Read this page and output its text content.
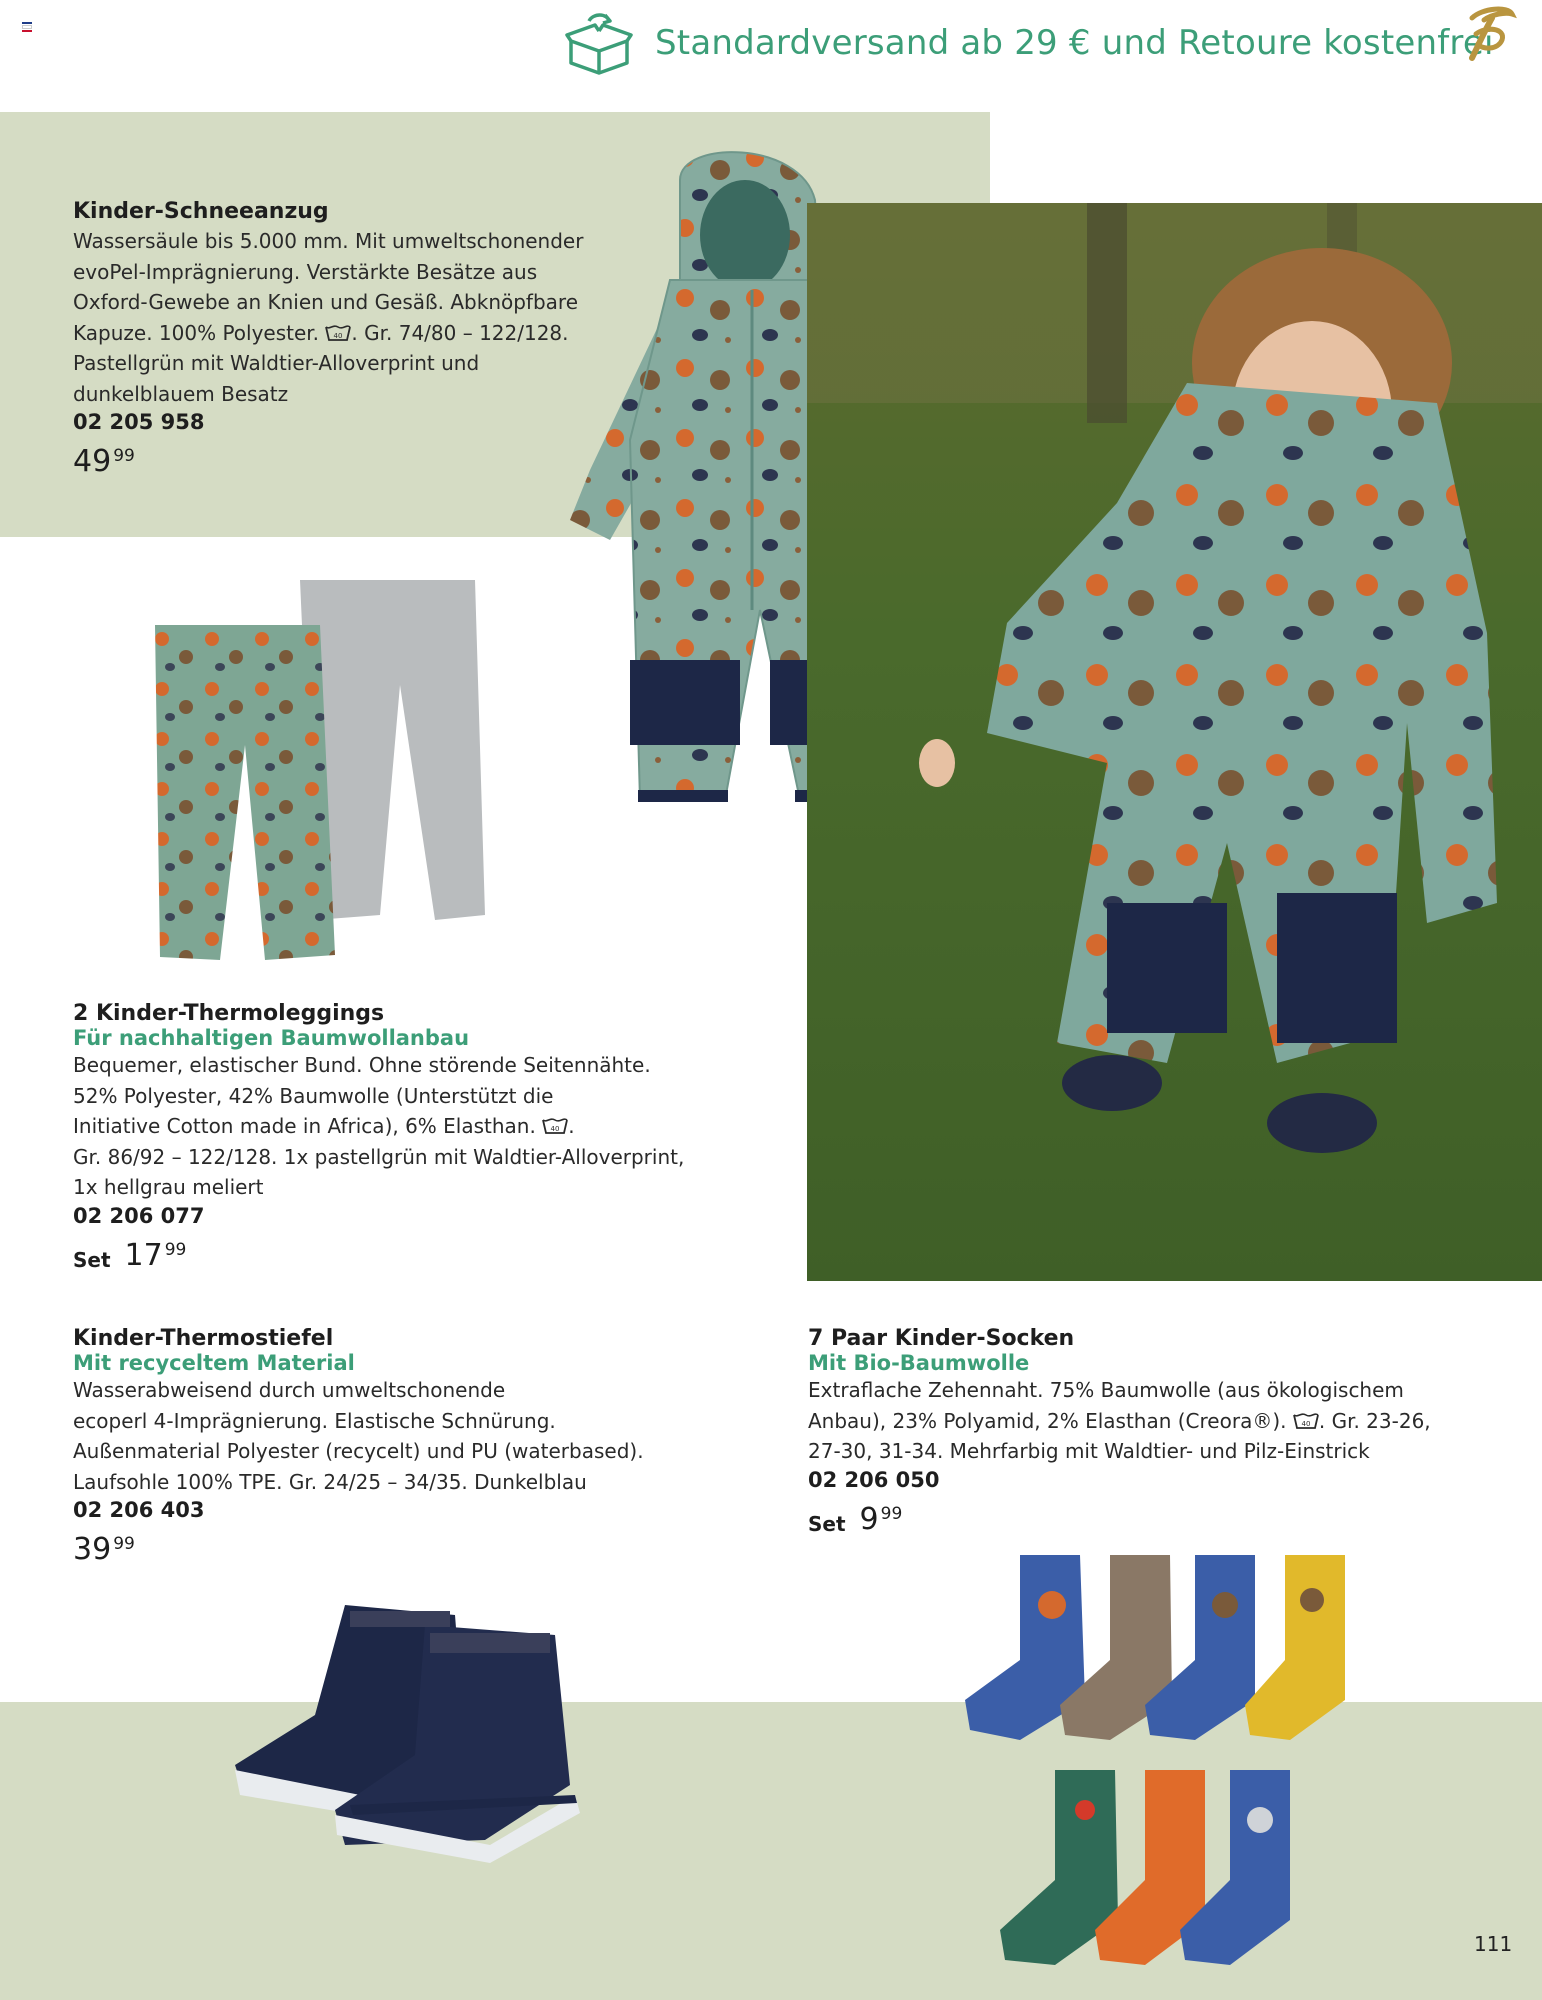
Standardversand ab 29 € und Retoure kostenfrei
Kinder-Schneeanzug
Wassersäule bis 5.000 mm. Mit umweltschonender
evoPel-Imprägnierung. Verstärkte Besätze aus
Oxford-Gewebe an Knien und Gesäß. Abknöpfbare
Kapuze. 100% Polyester. 40 . Gr. 74/80 – 122/128.
Pastellgrün mit Waldtier-Alloverprint und
dunkelblauem Besatz
02 205 958
49 99
2 Kinder-Thermoleggings
Für nachhaltigen Baumwollanbau
Bequemer, elastischer Bund. Ohne störende Seitennähte.
52% Polyester, 42% Baumwolle (Unterstützt die
Initiative Cotton made in Africa), 6% Elasthan. 40 .
Gr. 86/92 – 122/128. 1x pastellgrün mit Waldtier-Alloverprint,
1x hellgrau meliert
02 206 077
Set 17 99
Kinder-Thermostiefel
Mit recyceltem Material
Wasserabweisend durch umweltschonende
ecoperl 4-Imprägnierung. Elastische Schnürung.
Außenmaterial Polyester (recycelt) und PU (waterbased).
Laufsohle 100% TPE. Gr. 24/25 – 34/35. Dunkelblau
02 206 403
39 99
7 Paar Kinder-Socken
Mit Bio-Baumwolle
Extraflache Zehennaht. 75% Baumwolle (aus ökologischem
Anbau), 23% Polyamid, 2% Elasthan (Creora®). 40 . Gr. 23-26,
27-30, 31-34. Mehrfarbig mit Waldtier- und Pilz-Einstrick
02 206 050
Set 9 99
111
